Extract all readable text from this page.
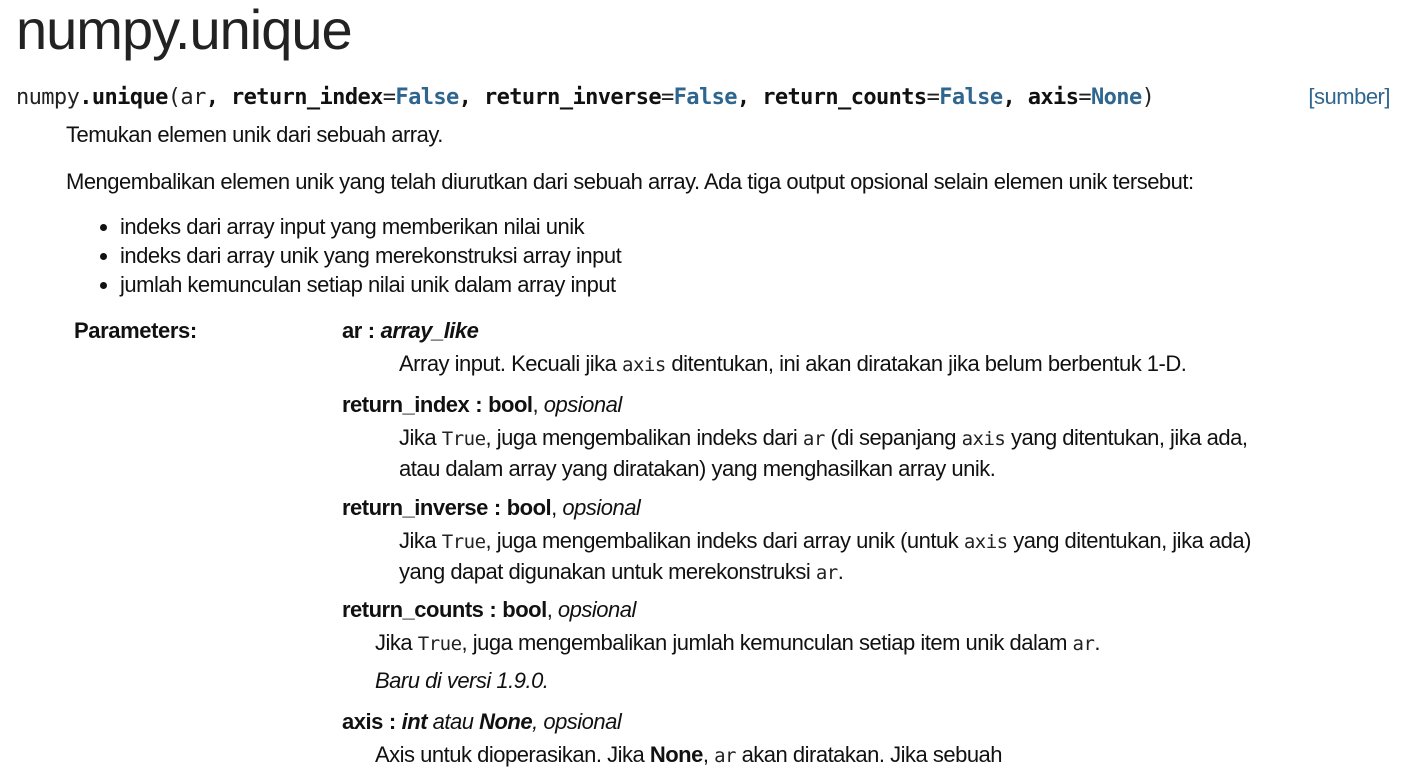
numpy.unique
numpy.unique(ar, return_index=False, return_inverse=False, return_counts=False, axis=None)	[sumber]
Temukan elemen unik dari sebuah array.
Mengembalikan elemen unik yang telah diurutkan dari sebuah array. Ada tiga output opsional selain elemen unik tersebut:
• indeks dari array input yang memberikan nilai unik
• indeks dari array unik yang merekonstruksi array input
• jumlah kemunculan setiap nilai unik dalam array input
Parameters:	ar : array_like
Array input. Kecuali jika axis ditentukan, ini akan diratakan jika belum berbentuk 1-D.
return_index : bool, opsional
Jika True, juga mengembalikan indeks dari ar (di sepanjang axis yang ditentukan, jika ada,
atau dalam array yang diratakan) yang menghasilkan array unik.
return_inverse : bool, opsional
Jika True, juga mengembalikan indeks dari array unik (untuk axis yang ditentukan, jika ada)
yang dapat digunakan untuk merekonstruksi ar.
return_counts : bool, opsional
Jika True, juga mengembalikan jumlah kemunculan setiap item unik dalam ar.
Baru di versi 1.9.0.
axis : int atau None, opsional
Axis untuk dioperasikan. Jika None, ar akan diratakan. Jika sebuah
